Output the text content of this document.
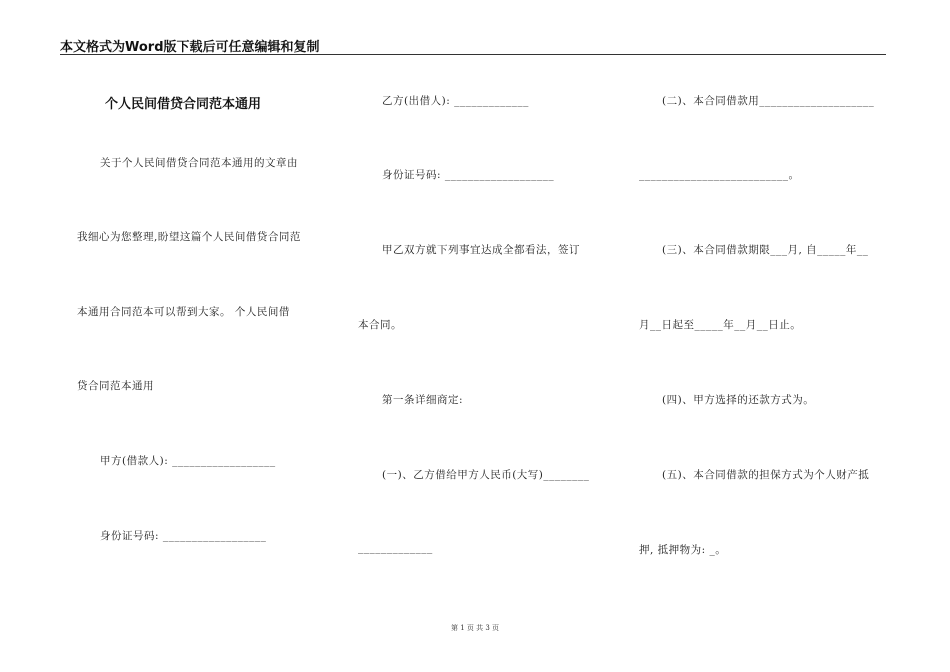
本文格式为Word版下载后可任意编辑和复制
个人民间借贷合同范本通用
关于个人民间借贷合同范本通用的文章由
我细心为您整理,盼望这篇个人民间借贷合同范
本通用合同范本可以帮到大家。 个人民间借
贷合同范本通用
甲方(借款人): __________________
身份证号码: __________________
乙方(出借人): _____________
身份证号码: ___________________
甲乙双方就下列事宜达成全都看法，签订
本合同。
第一条详细商定:
(一)、乙方借给甲方人民币(大写)________
_____________
(二)、本合同借款用____________________
__________________________。
(三)、本合同借款期限___月, 自_____年__
月__日起至_____年__月__日止。
(四)、甲方选择的还款方式为。
(五)、本合同借款的担保方式为个人财产抵
押, 抵押物为: _。
第 1 页 共 3 页
